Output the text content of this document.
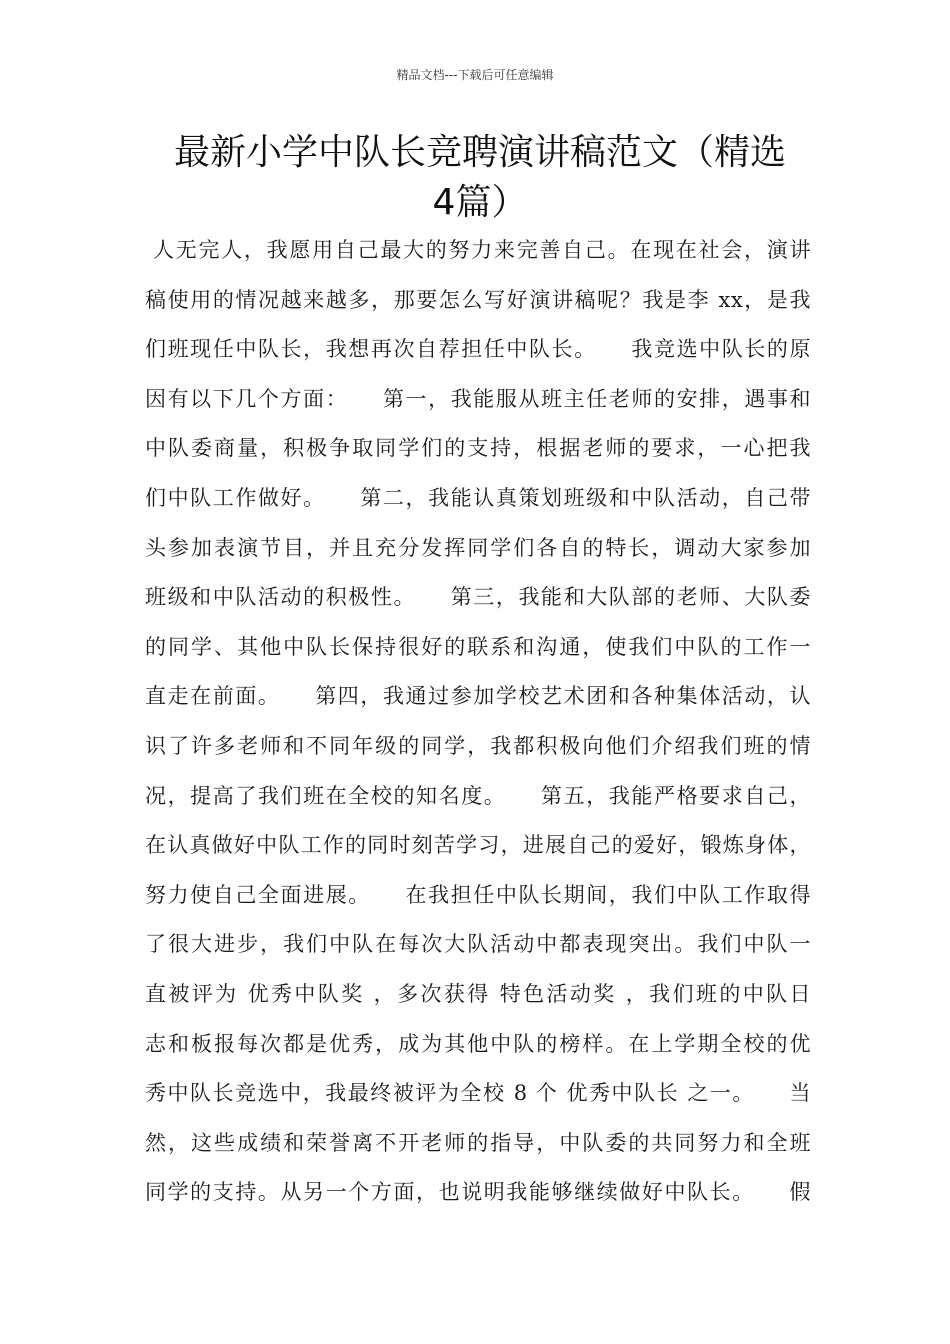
精品文档---下载后可任意编辑
最新小学中队长竞聘演讲稿范文（精选
4篇）
人无完人，我愿用自己最大的努力来完善自己。在现在社会，演讲
稿使用的情况越来越多，那要怎么写好演讲稿呢？我是李 xx，是我
们班现任中队长，我想再次自荐担任中队长。　　我竞选中队长的原
因有以下几个方面：　　第一，我能服从班主任老师的安排，遇事和
中队委商量，积极争取同学们的支持，根据老师的要求，一心把我
们中队工作做好。　　第二，我能认真策划班级和中队活动，自己带
头参加表演节目，并且充分发挥同学们各自的特长，调动大家参加
班级和中队活动的积极性。　　第三，我能和大队部的老师、大队委
的同学、其他中队长保持很好的联系和沟通，使我们中队的工作一
直走在前面。　　第四，我通过参加学校艺术团和各种集体活动，认
识了许多老师和不同年级的同学，我都积极向他们介绍我们班的情
况，提高了我们班在全校的知名度。　　第五，我能严格要求自己，
在认真做好中队工作的同时刻苦学习，进展自己的爱好，锻炼身体，
努力使自己全面进展。　　在我担任中队长期间，我们中队工作取得
了很大进步，我们中队在每次大队活动中都表现突出。我们中队一
直被评为 优秀中队奖 ，多次获得 特色活动奖 ，我们班的中队日
志和板报每次都是优秀，成为其他中队的榜样。在上学期全校的优
秀中队长竞选中，我最终被评为全校 8 个 优秀中队长 之一。　　当
然，这些成绩和荣誉离不开老师的指导，中队委的共同努力和全班
同学的支持。从另一个方面，也说明我能够继续做好中队长。　　假
